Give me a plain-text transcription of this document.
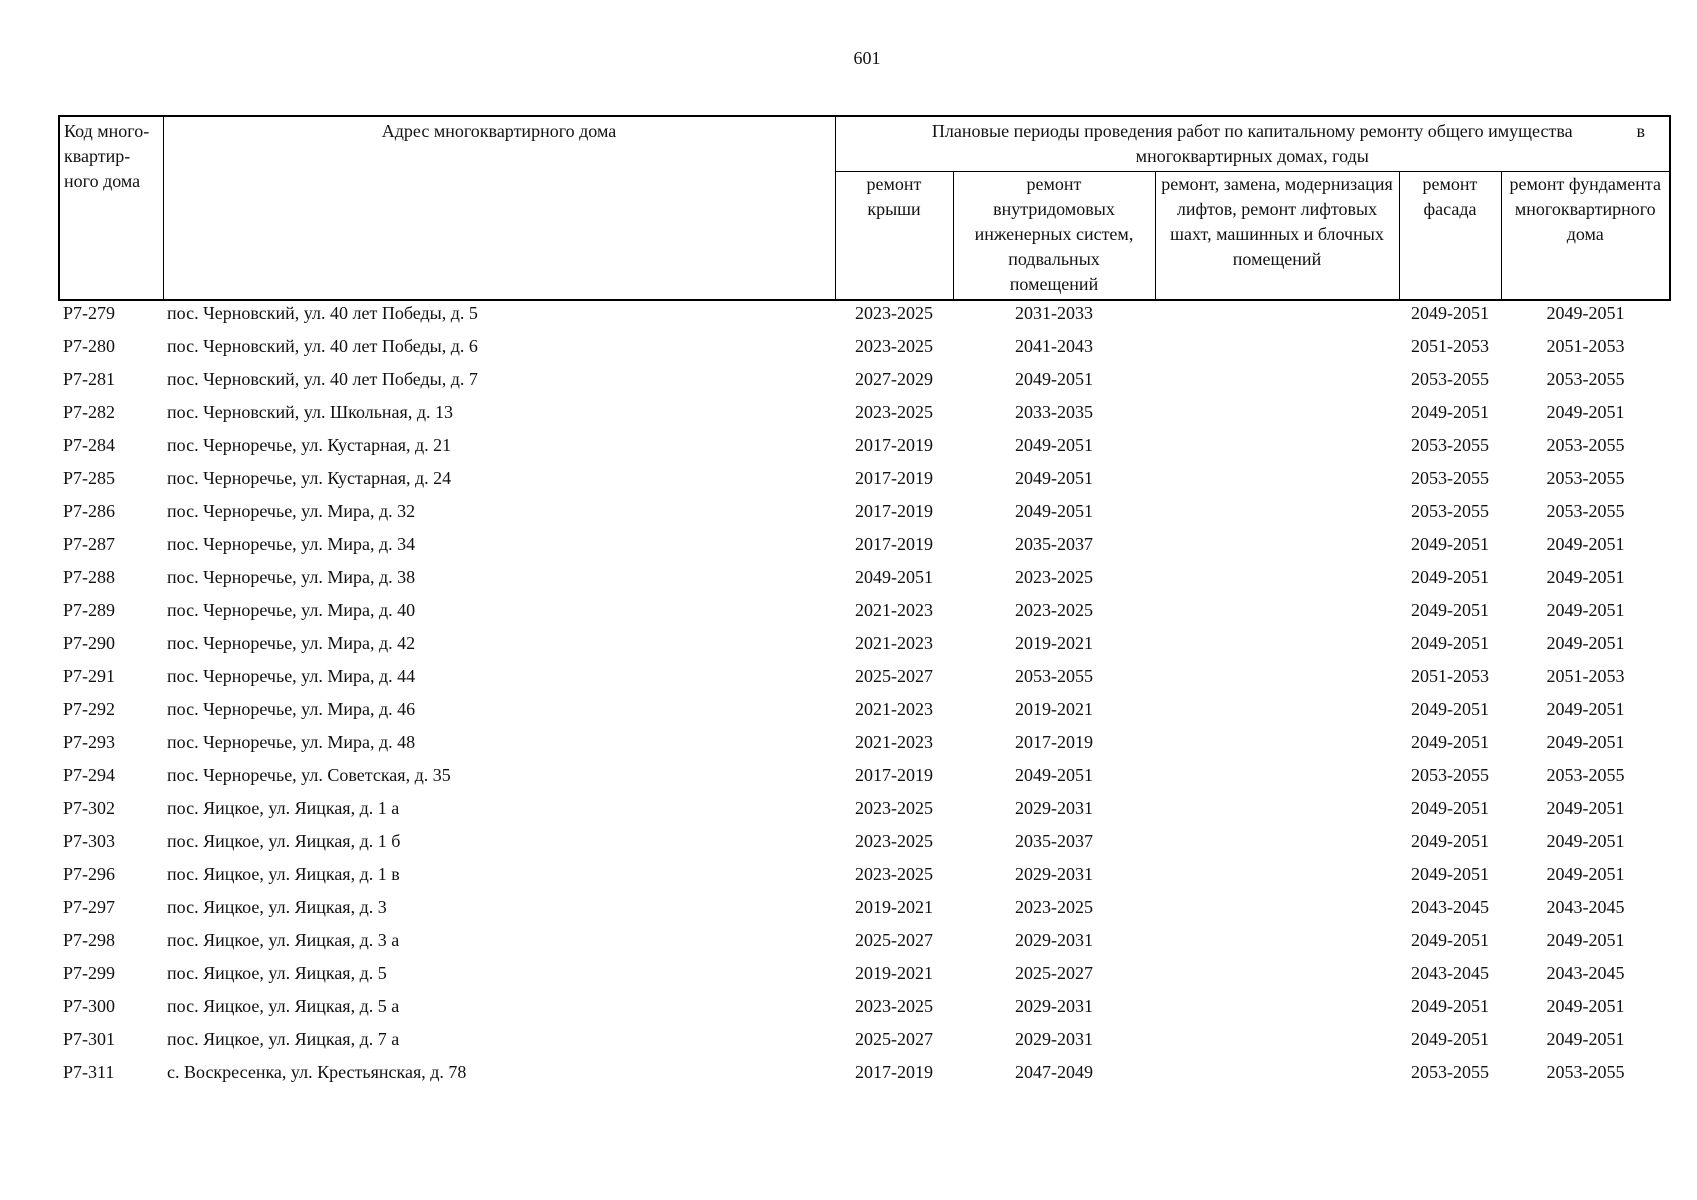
601
Код много-квартир-ного дома	Адрес многоквартирного дома	Плановые периоды проведения работ по капитальному ремонту общего имущества в

многоквартирных домах, годы				
		ремонт крыши	ремонт внутридомовых инженерных систем, подвальных помещений	ремонт, замена, модернизация лифтов, ремонт лифтовых шахт, машинных и блочных помещений	ремонт фасада	ремонт фундамента многоквартирного дома
Р7-279	пос. Черновский, ул. 40 лет Победы, д. 5	2023-2025	2031-2033		2049-2051	2049-2051
Р7-280	пос. Черновский, ул. 40 лет Победы, д. 6	2023-2025	2041-2043		2051-2053	2051-2053
Р7-281	пос. Черновский, ул. 40 лет Победы, д. 7	2027-2029	2049-2051		2053-2055	2053-2055
Р7-282	пос. Черновский, ул. Школьная, д. 13	2023-2025	2033-2035		2049-2051	2049-2051
Р7-284	пос. Черноречье, ул. Кустарная, д. 21	2017-2019	2049-2051		2053-2055	2053-2055
Р7-285	пос. Черноречье, ул. Кустарная, д. 24	2017-2019	2049-2051		2053-2055	2053-2055
Р7-286	пос. Черноречье, ул. Мира, д. 32	2017-2019	2049-2051		2053-2055	2053-2055
Р7-287	пос. Черноречье, ул. Мира, д. 34	2017-2019	2035-2037		2049-2051	2049-2051
Р7-288	пос. Черноречье, ул. Мира, д. 38	2049-2051	2023-2025		2049-2051	2049-2051
Р7-289	пос. Черноречье, ул. Мира, д. 40	2021-2023	2023-2025		2049-2051	2049-2051
Р7-290	пос. Черноречье, ул. Мира, д. 42	2021-2023	2019-2021		2049-2051	2049-2051
Р7-291	пос. Черноречье, ул. Мира, д. 44	2025-2027	2053-2055		2051-2053	2051-2053
Р7-292	пос. Черноречье, ул. Мира, д. 46	2021-2023	2019-2021		2049-2051	2049-2051
Р7-293	пос. Черноречье, ул. Мира, д. 48	2021-2023	2017-2019		2049-2051	2049-2051
Р7-294	пос. Черноречье, ул. Советская, д. 35	2017-2019	2049-2051		2053-2055	2053-2055
Р7-302	пос. Яицкое, ул. Яицкая, д. 1 а	2023-2025	2029-2031		2049-2051	2049-2051
Р7-303	пос. Яицкое, ул. Яицкая, д. 1 б	2023-2025	2035-2037		2049-2051	2049-2051
Р7-296	пос. Яицкое, ул. Яицкая, д. 1 в	2023-2025	2029-2031		2049-2051	2049-2051
Р7-297	пос. Яицкое, ул. Яицкая, д. 3	2019-2021	2023-2025		2043-2045	2043-2045
Р7-298	пос. Яицкое, ул. Яицкая, д. 3 а	2025-2027	2029-2031		2049-2051	2049-2051
Р7-299	пос. Яицкое, ул. Яицкая, д. 5	2019-2021	2025-2027		2043-2045	2043-2045
Р7-300	пос. Яицкое, ул. Яицкая, д. 5 а	2023-2025	2029-2031		2049-2051	2049-2051
Р7-301	пос. Яицкое, ул. Яицкая, д. 7 а	2025-2027	2029-2031		2049-2051	2049-2051
Р7-311	с. Воскресенка, ул. Крестьянская, д. 78	2017-2019	2047-2049		2053-2055	2053-2055
